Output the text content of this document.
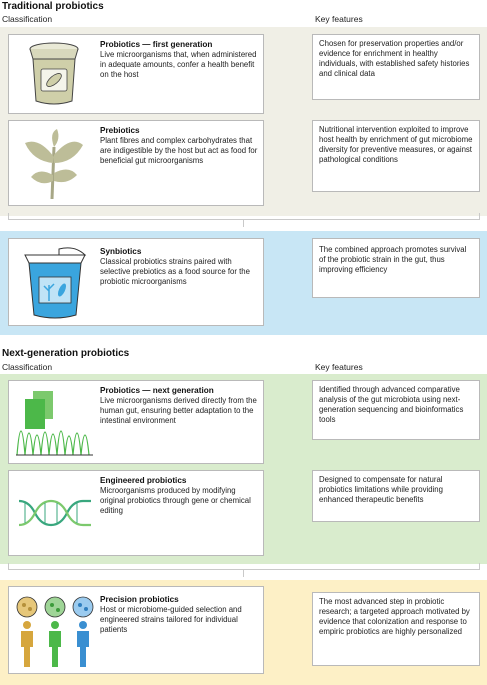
Traditional probiotics
Classification	Key features
Probiotics — first generation
Live microorganisms that, when administered in adequate amounts, confer a health benefit on the host
Chosen for preservation properties and/or evidence for enrichment in healthy individuals, with established safety histories and clinical data
Prebiotics
Plant fibres and complex carbohydrates that are indigestible by the host but act as food for beneficial gut microorganisms
Nutritional intervention exploited to improve host health by enrichment of gut microbiome diversity for preventive measures, or against pathological conditions
Synbiotics
Classical probiotics strains paired with selective prebiotics as a food source for the probiotic microorganisms
The combined approach promotes survival of the probiotic strain in the gut, thus improving efficiency
Next-generation probiotics
Classification	Key features
Probiotics — next generation
Live microorganisms derived directly from the human gut, ensuring better adaptation to the intestinal environment
Identified through advanced comparative analysis of the gut microbiota using next-generation sequencing and bioinformatics tools
Engineered probiotics
Microorganisms produced by modifying original probiotics through gene or chemical editing
Designed to compensate for natural probiotics limitations while providing enhanced therapeutic benefits
Precision probiotics
Host or microbiome-guided selection and engineered strains tailored for individual patients
The most advanced step in probiotic research; a targeted approach motivated by evidence that colonization and response to empiric probiotics are highly personalized
